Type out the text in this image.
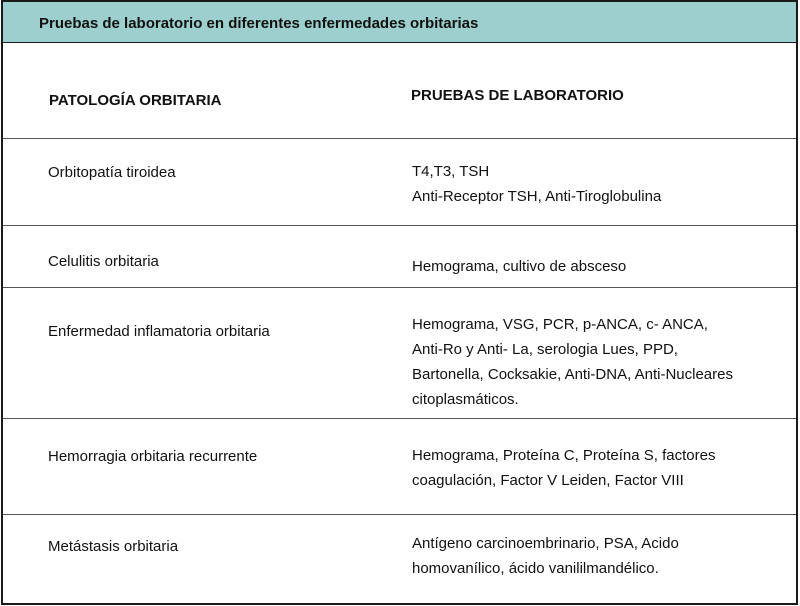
Pruebas de laboratorio en diferentes enfermedades orbitarias
PATOLOGÍA ORBITARIA	PRUEBAS DE LABORATORIO
Orbitopatía tiroidea	T4,T3, TSH
Anti-Receptor TSH, Anti-Tiroglobulina
Celulitis orbitaria	Hemograma, cultivo de absceso
Enfermedad inflamatoria orbitaria	Hemograma, VSG, PCR, p-ANCA, c- ANCA,
Anti-Ro y Anti- La, serologia Lues, PPD,
Bartonella, Cocksakie, Anti-DNA, Anti-Nucleares
citoplasmáticos.
Hemorragia orbitaria recurrente	Hemograma, Proteína C, Proteína S, factores
coagulación, Factor V Leiden, Factor VIII
Metástasis orbitaria	Antígeno carcinoembrinario, PSA, Acido
homovanílico, ácido vanililmandélico.
